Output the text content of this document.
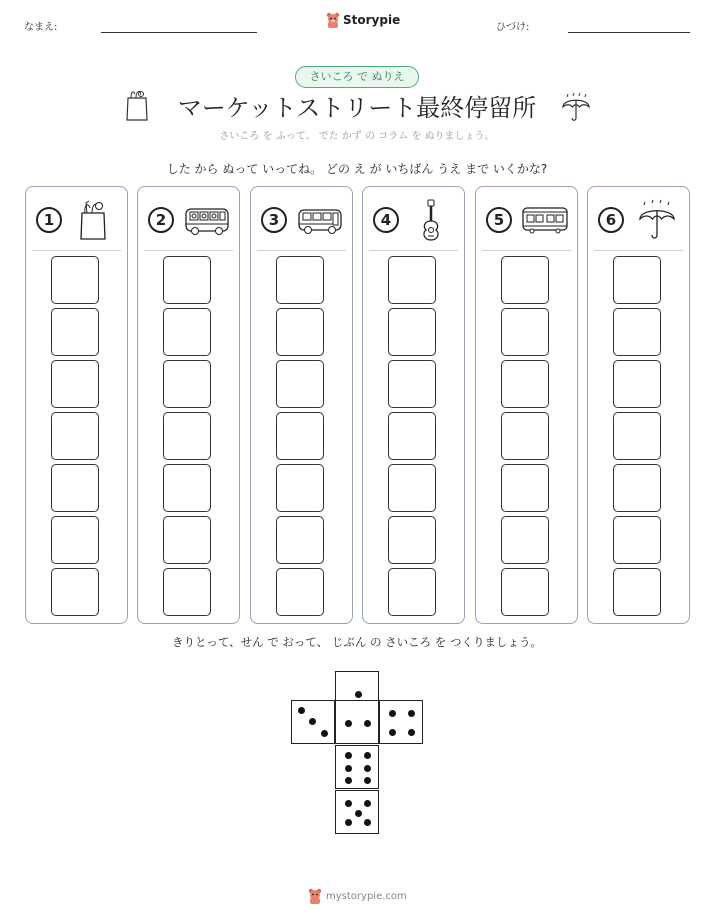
なまえ:
Storypie
ひづけ:
さいころ で ぬりえ
マーケットストリート最終停留所
さいころ を ふって、 でた かず の コラム を ぬりましょう。
した から ぬって いってね。 どの え が いちばん うえ まで いくかな?
1	2	3	4	5	6
きりとって、せん で おって、 じぶん の さいころ を つくりましょう。
mystorypie.com
